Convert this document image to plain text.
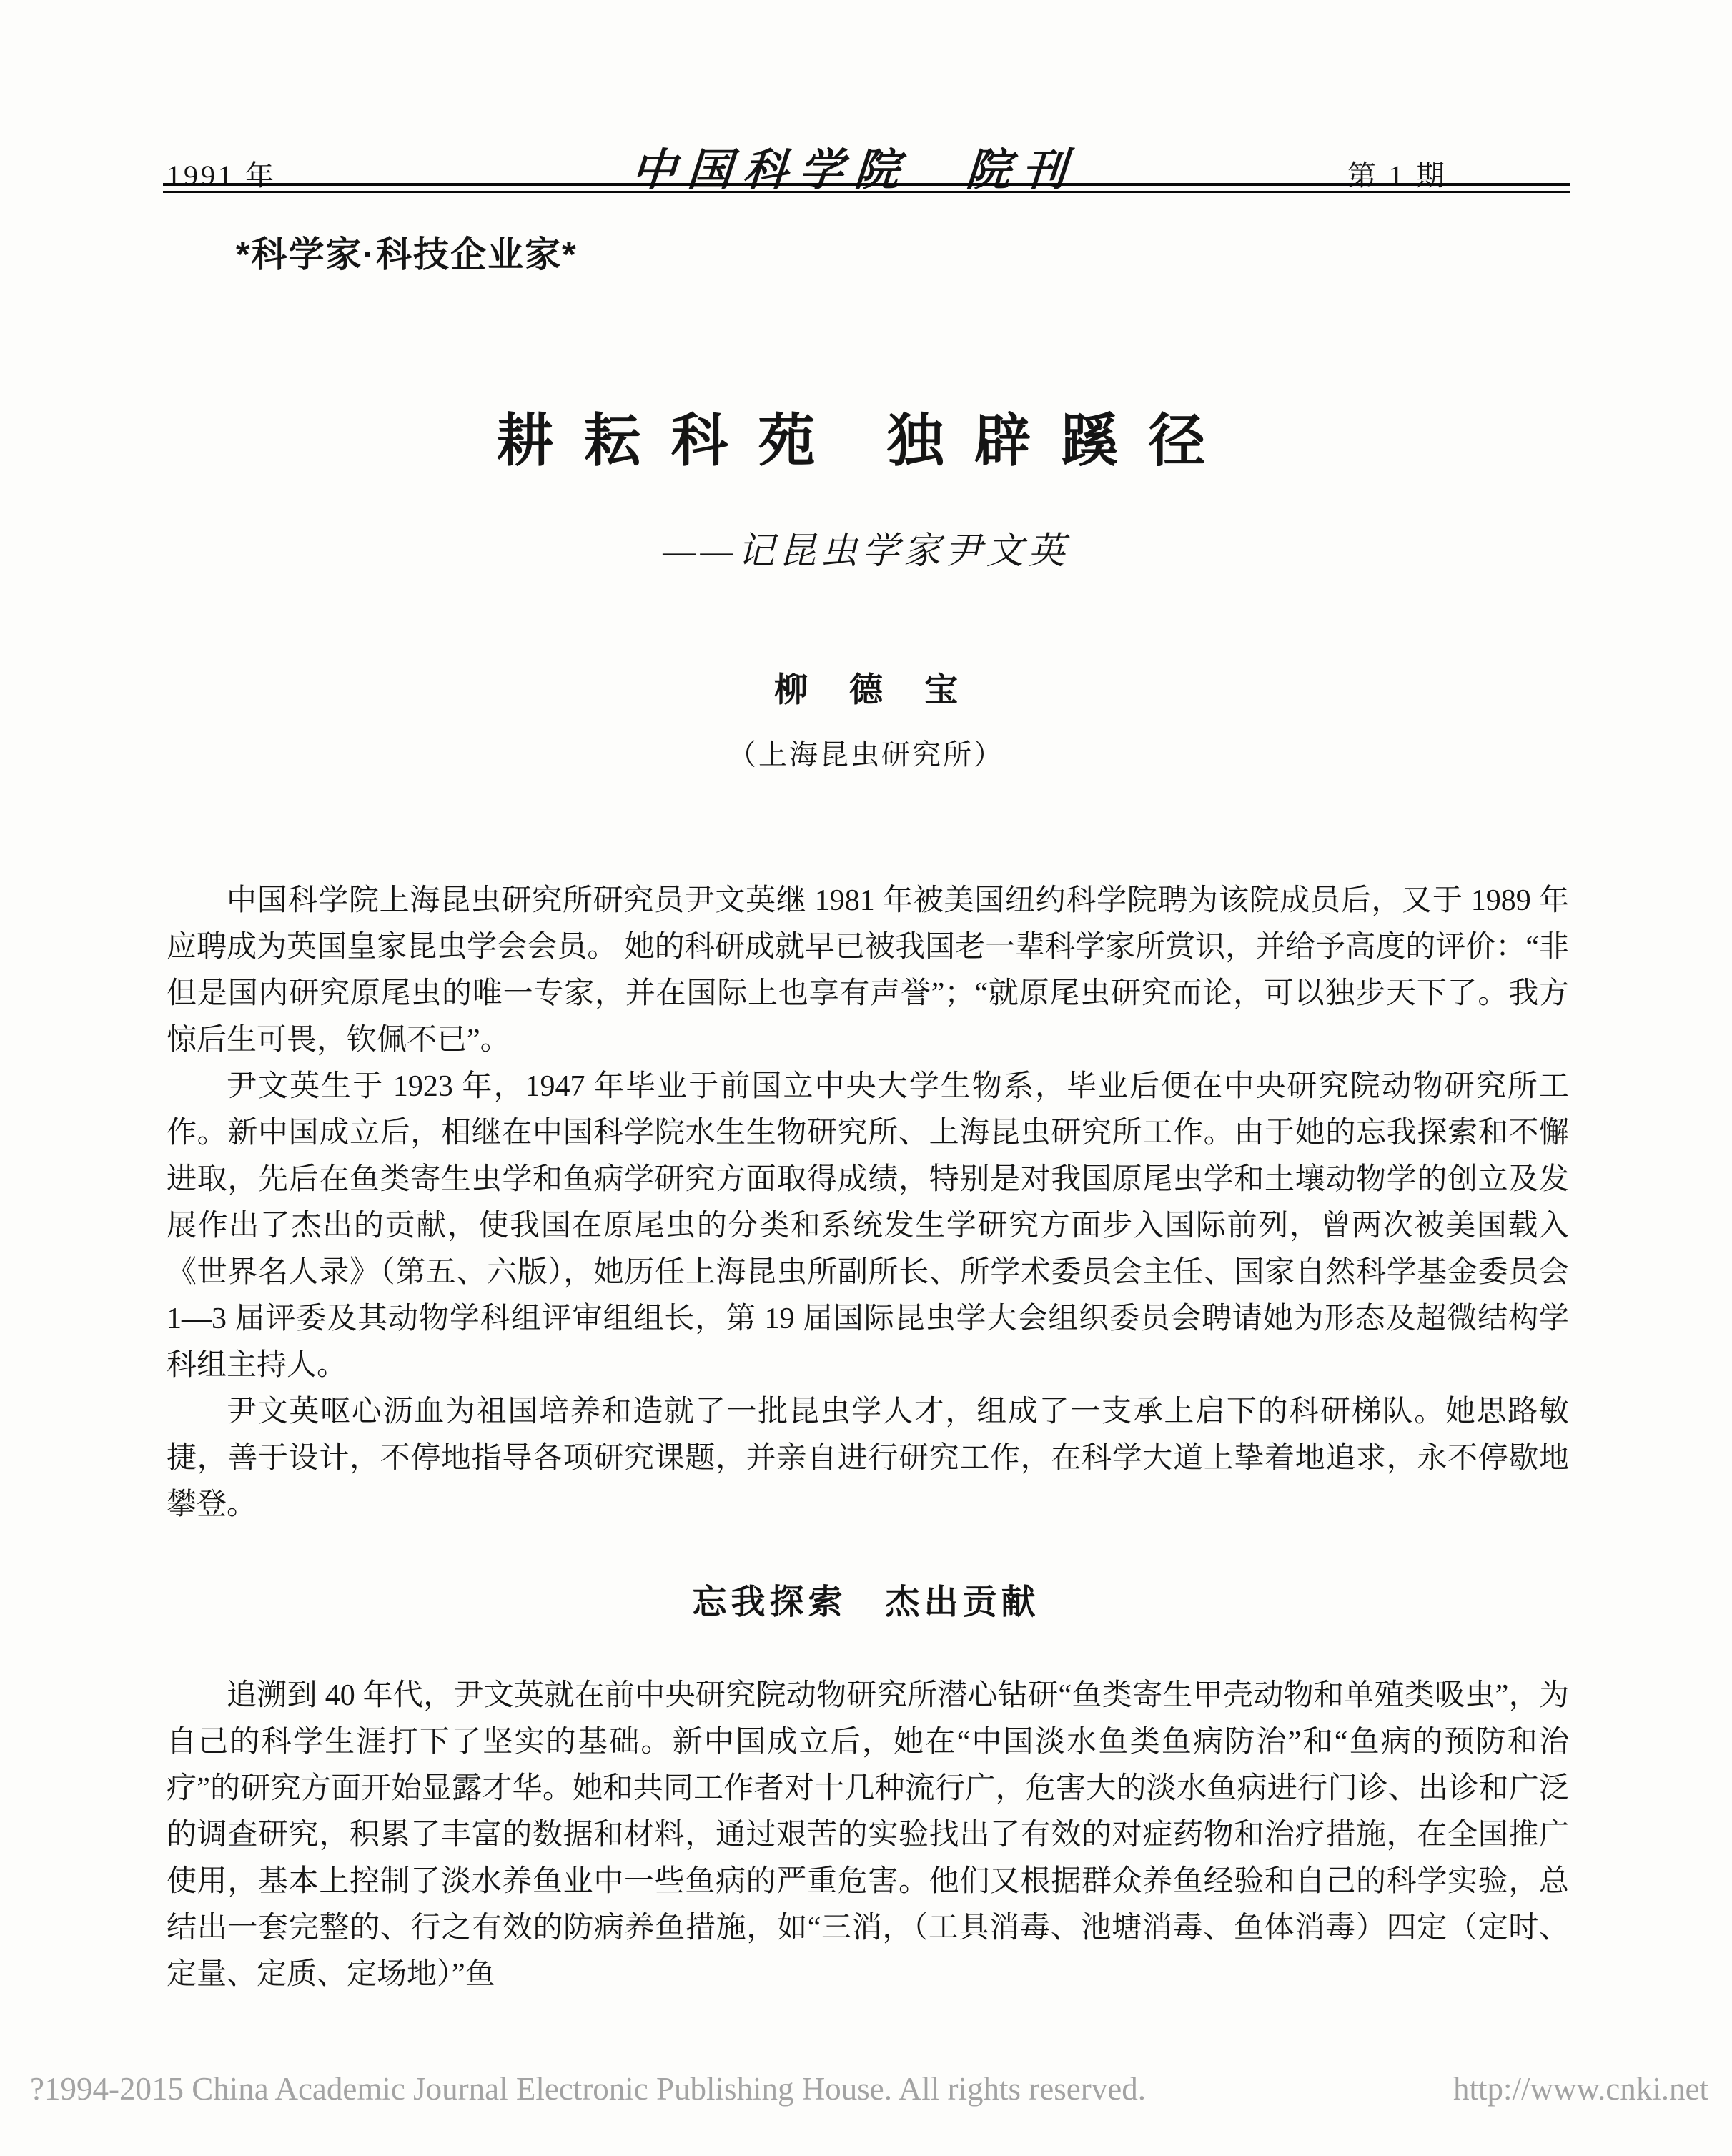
1991 年	中国科学院　院刊	第 1 期
*科学家·科技企业家*
耕耘科苑 独辟蹊径
——记昆虫学家尹文英
柳德宝
（上海昆虫研究所）

中国科学院上海昆虫研究所研究员尹文英继 1981 年被美国纽约科学院聘为该院成员后，又于 1989 年应聘成为英国皇家昆虫学会会员。 她的科研成就早已被我国老一辈科学家所赏识，并给予高度的评价：“非但是国内研究原尾虫的唯一专家，并在国际上也享有声誉”；“就原尾虫研究而论，可以独步天下了。我方惊后生可畏，钦佩不已”。

尹文英生于 1923 年，1947 年毕业于前国立中央大学生物系，毕业后便在中央研究院动物研究所工作。新中国成立后，相继在中国科学院水生生物研究所、上海昆虫研究所工作。由于她的忘我探索和不懈进取，先后在鱼类寄生虫学和鱼病学研究方面取得成绩，特别是对我国原尾虫学和土壤动物学的创立及发展作出了杰出的贡献，使我国在原尾虫的分类和系统发生学研究方面步入国际前列，曾两次被美国载入《世界名人录》（第五、六版），她历任上海昆虫所副所长、所学术委员会主任、国家自然科学基金委员会 1—3 届评委及其动物学科组评审组组长，第 19 届国际昆虫学大会组织委员会聘请她为形态及超微结构学科组主持人。

尹文英呕心沥血为祖国培养和造就了一批昆虫学人才，组成了一支承上启下的科研梯队。她思路敏捷，善于设计，不停地指导各项研究课题，并亲自进行研究工作，在科学大道上挚着地追求，永不停歇地攀登。

忘我探索　杰出贡献

追溯到 40 年代，尹文英就在前中央研究院动物研究所潜心钻研“鱼类寄生甲壳动物和单殖类吸虫”，为自己的科学生涯打下了坚实的基础。新中国成立后，她在“中国淡水鱼类鱼病防治”和“鱼病的预防和治疗”的研究方面开始显露才华。她和共同工作者对十几种流行广，危害大的淡水鱼病进行门诊、出诊和广泛的调查研究，积累了丰富的数据和材料，通过艰苦的实验找出了有效的对症药物和治疗措施，在全国推广使用，基本上控制了淡水养鱼业中一些鱼病的严重危害。他们又根据群众养鱼经验和自己的科学实验，总结出一套完整的、行之有效的防病养鱼措施，如“三消，（工具消毒、池塘消毒、鱼体消毒）四定（定时、定量、定质、定场地）”鱼

?1994-2015 China Academic Journal Electronic Publishing House. All rights reserved.	http://www.cnki.net
